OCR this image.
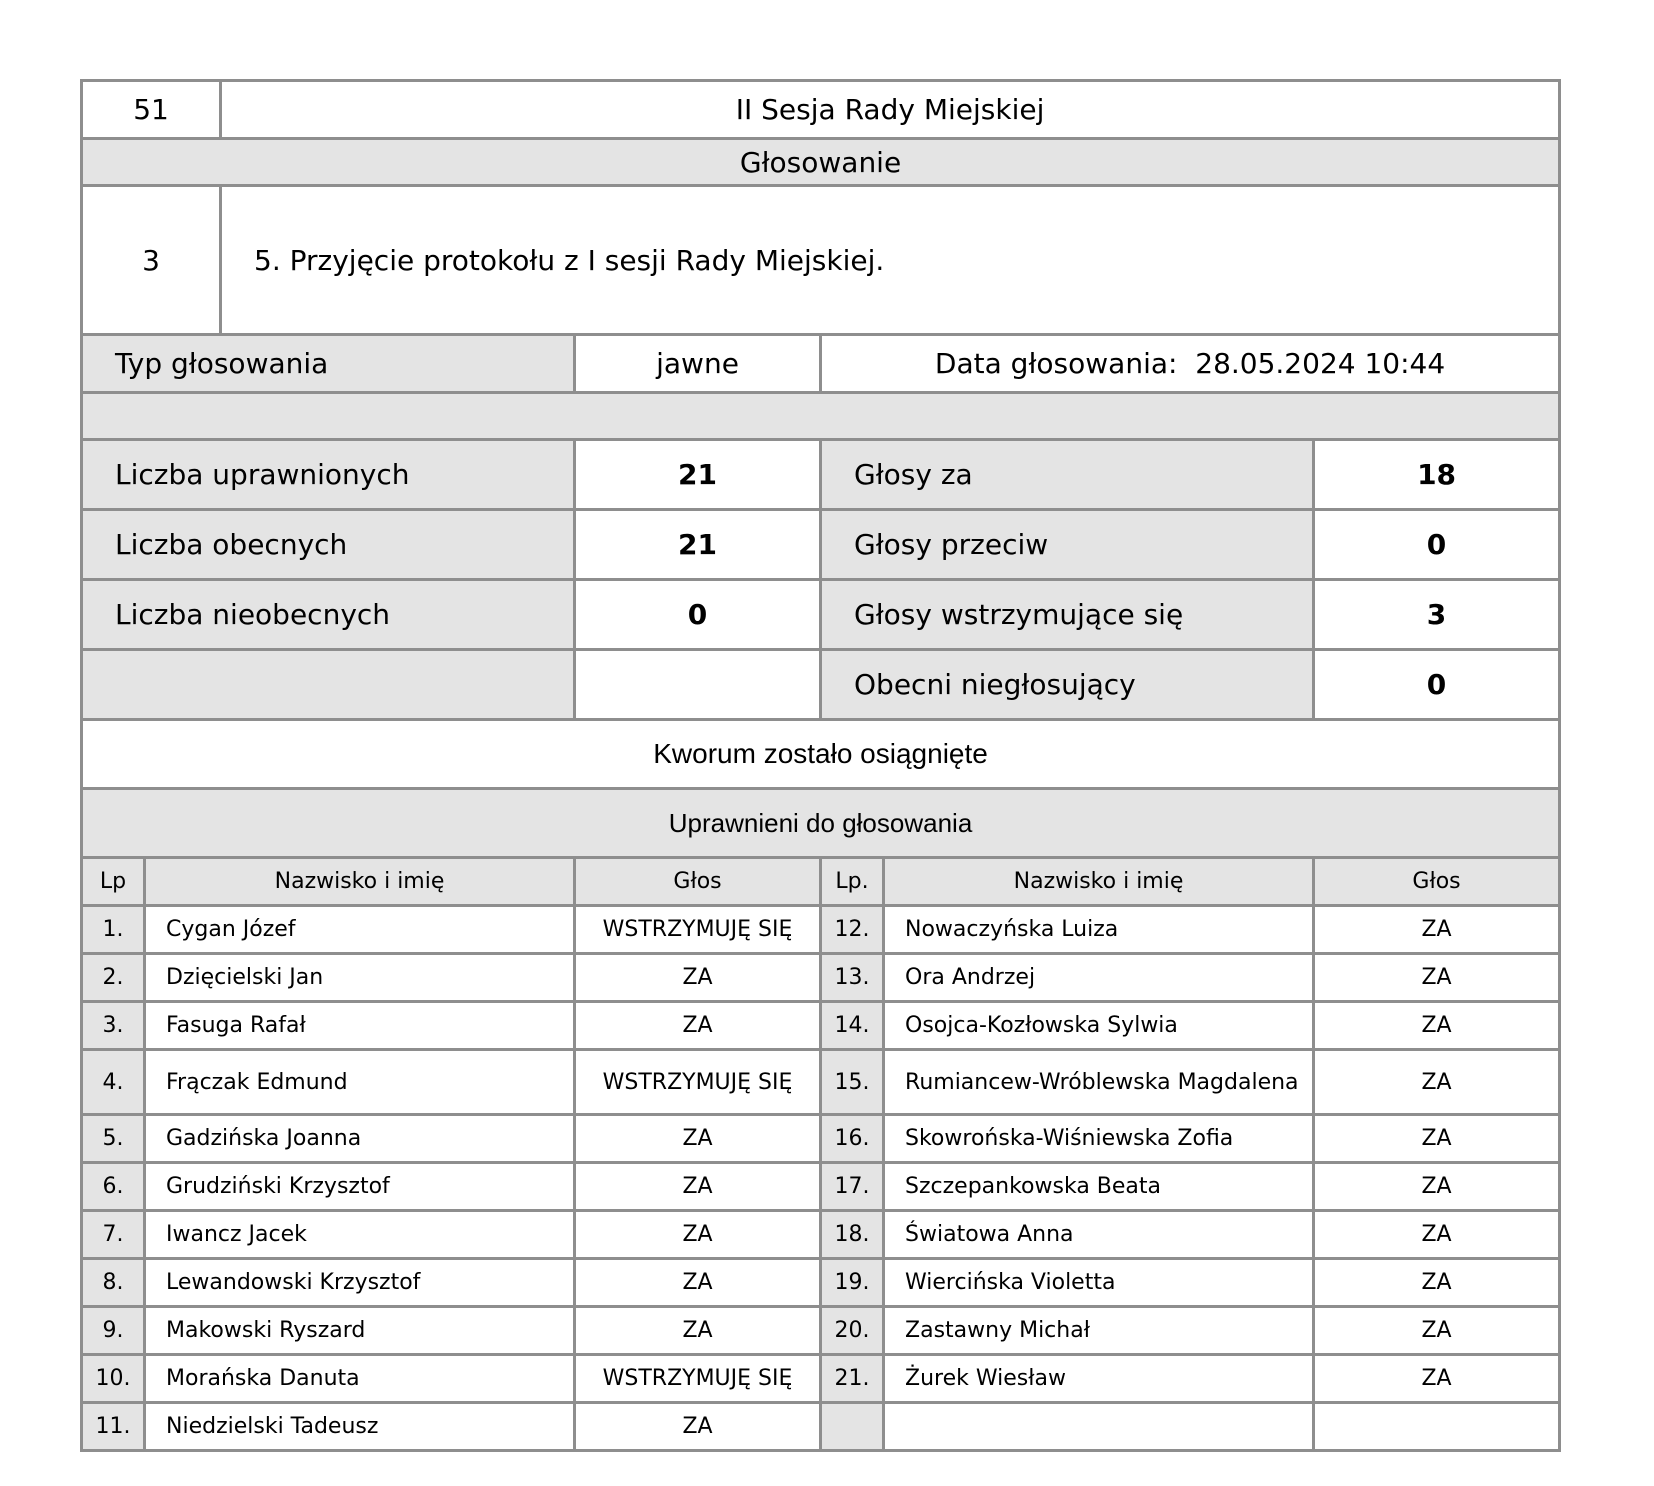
51		II Sesja Rady Miejskiej				
Głosowanie						
3		5. Przyjęcie protokołu z I sesji Rady Miejskiej.				
Typ głosowania			jawne	Data głosowania: 28.05.2024 10:44		

Liczba uprawnionych			21	Głosy za		18
Liczba obecnych			21	Głosy przeciw		0
Liczba nieobecnych			0	Głosy wstrzymujące się		3
				Obecni niegłosujący		0
Kworum zostało osiągnięte						
Uprawnieni do głosowania						
Lp	Nazwisko i imię		Głos	Lp.	Nazwisko i imię	Głos
1.	Cygan Józef		WSTRZYMUJĘ SIĘ	12.	Nowaczyńska Luiza	ZA
2.	Dzięcielski Jan		ZA	13.	Ora Andrzej	ZA
3.	Fasuga Rafał		ZA	14.	Osojca-Kozłowska Sylwia	ZA
4.	Frączak Edmund		WSTRZYMUJĘ SIĘ	15.	Rumiancew-Wróblewska Magdalena	ZA
5.	Gadzińska Joanna		ZA	16.	Skowrońska-Wiśniewska Zofia	ZA
6.	Grudziński Krzysztof		ZA	17.	Szczepankowska Beata	ZA
7.	Iwancz Jacek		ZA	18.	Światowa Anna	ZA
8.	Lewandowski Krzysztof		ZA	19.	Wiercińska Violetta	ZA
9.	Makowski Ryszard		ZA	20.	Zastawny Michał	ZA
10.	Morańska Danuta		WSTRZYMUJĘ SIĘ	21.	Żurek Wiesław	ZA
11.	Niedzielski Tadeusz		ZA			
